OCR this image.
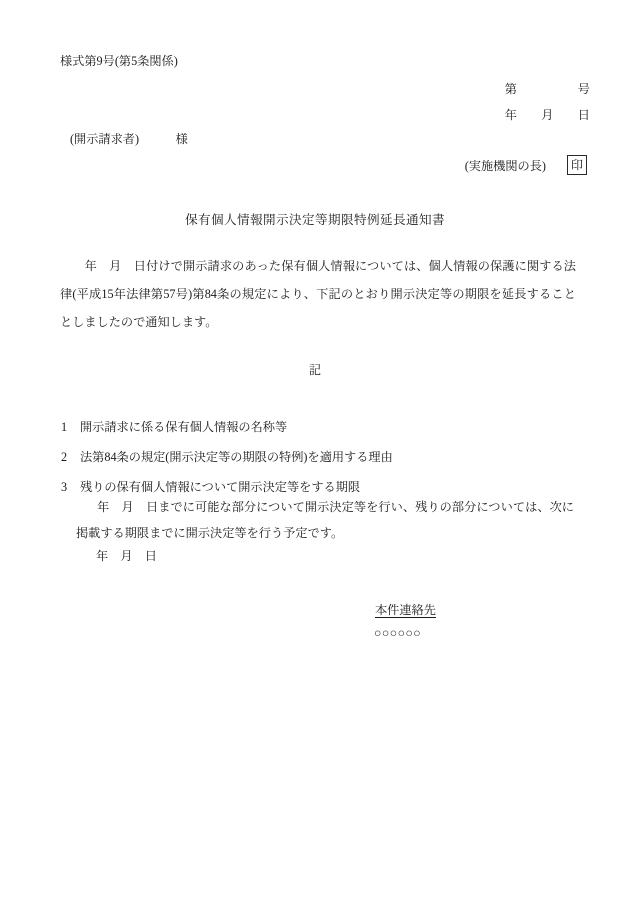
様式第9号(第5条関係)
第　　　　　号
年　　月　　日
(開示請求者)　　　様
(実施機関の長)	印
保有個人情報開示決定等期限特例延長通知書
　　年　月　日付けで開示請求のあった保有個人情報については、個人情報の保護に関する法律(平成15年法律第57号)第84条の規定により、下記のとおり開示決定等の期限を延長することとしましたので通知します。
記
1 開示請求に係る保有個人情報の名称等
2 法第84条の規定(開示決定等の期限の特例)を適用する理由
3 残りの保有個人情報について開示決定等をする期限
年　月　日までに可能な部分について開示決定等を行い、残りの部分については、次に掲載する期限までに開示決定等を行う予定です。
年　月　日
本件連絡先
○○○○○○
